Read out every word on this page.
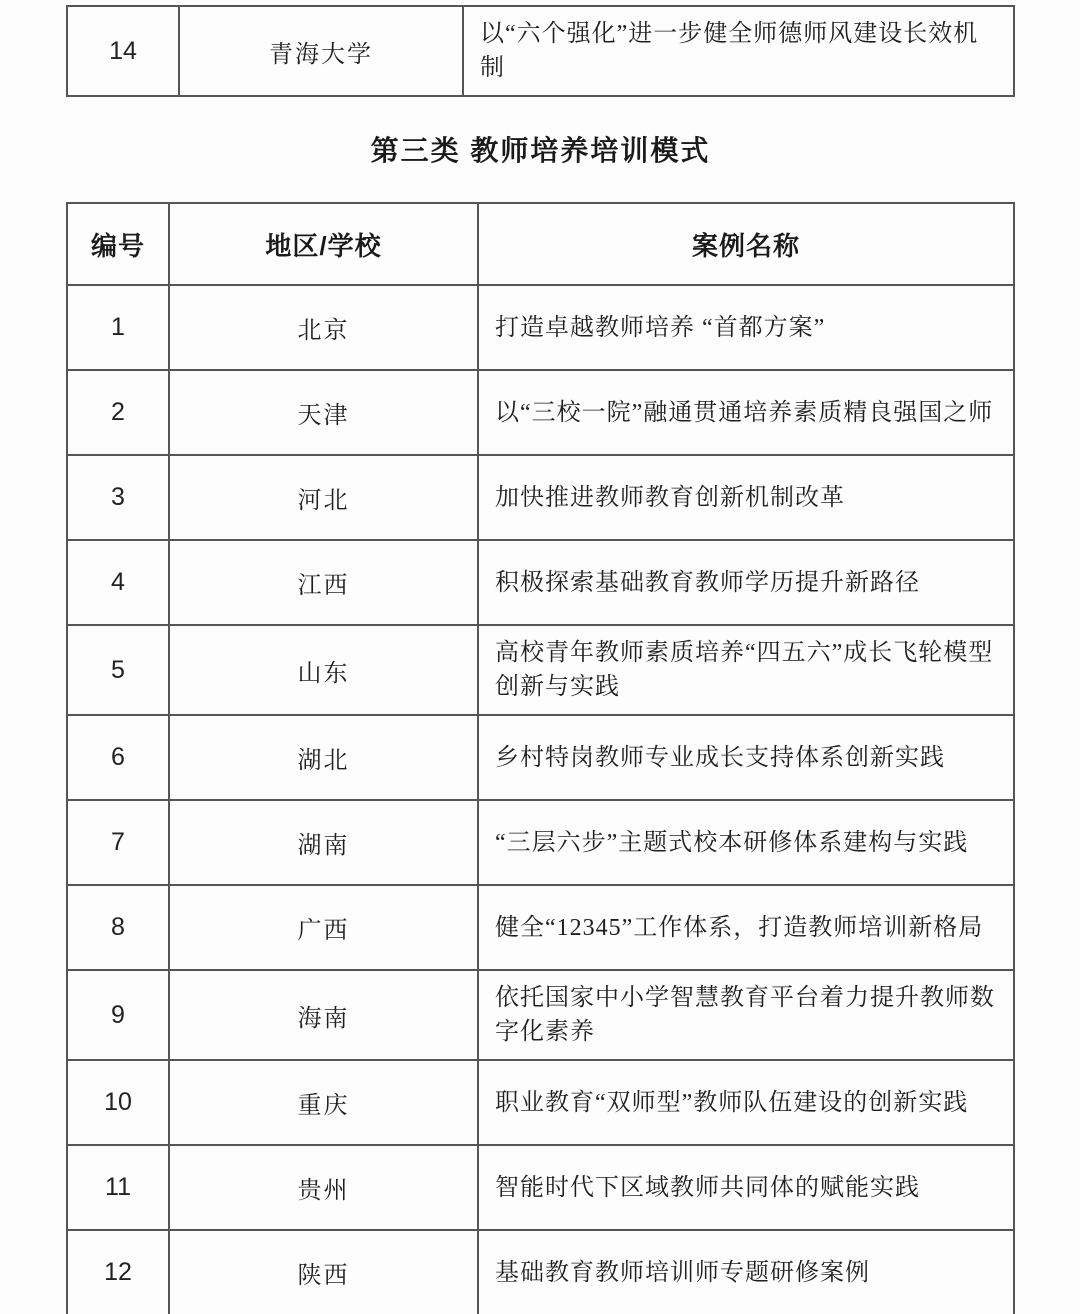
14	青海大学	以“六个强化”进一步健全师德师风建设长效机制
第三类 教师培养培训模式
编号	地区/学校	案例名称
1	北京	打造卓越教师培养 “首都方案”
2	天津	以“三校一院”融通贯通培养素质精良强国之师
3	河北	加快推进教师教育创新机制改革
4	江西	积极探索基础教育教师学历提升新路径
5	山东	高校青年教师素质培养“四五六”成长飞轮模型创新与实践
6	湖北	乡村特岗教师专业成长支持体系创新实践
7	湖南	“三层六步”主题式校本研修体系建构与实践
8	广西	健全“12345”工作体系，打造教师培训新格局
9	海南	依托国家中小学智慧教育平台着力提升教师数字化素养
10	重庆	职业教育“双师型”教师队伍建设的创新实践
11	贵州	智能时代下区域教师共同体的赋能实践
12	陕西	基础教育教师培训师专题研修案例
